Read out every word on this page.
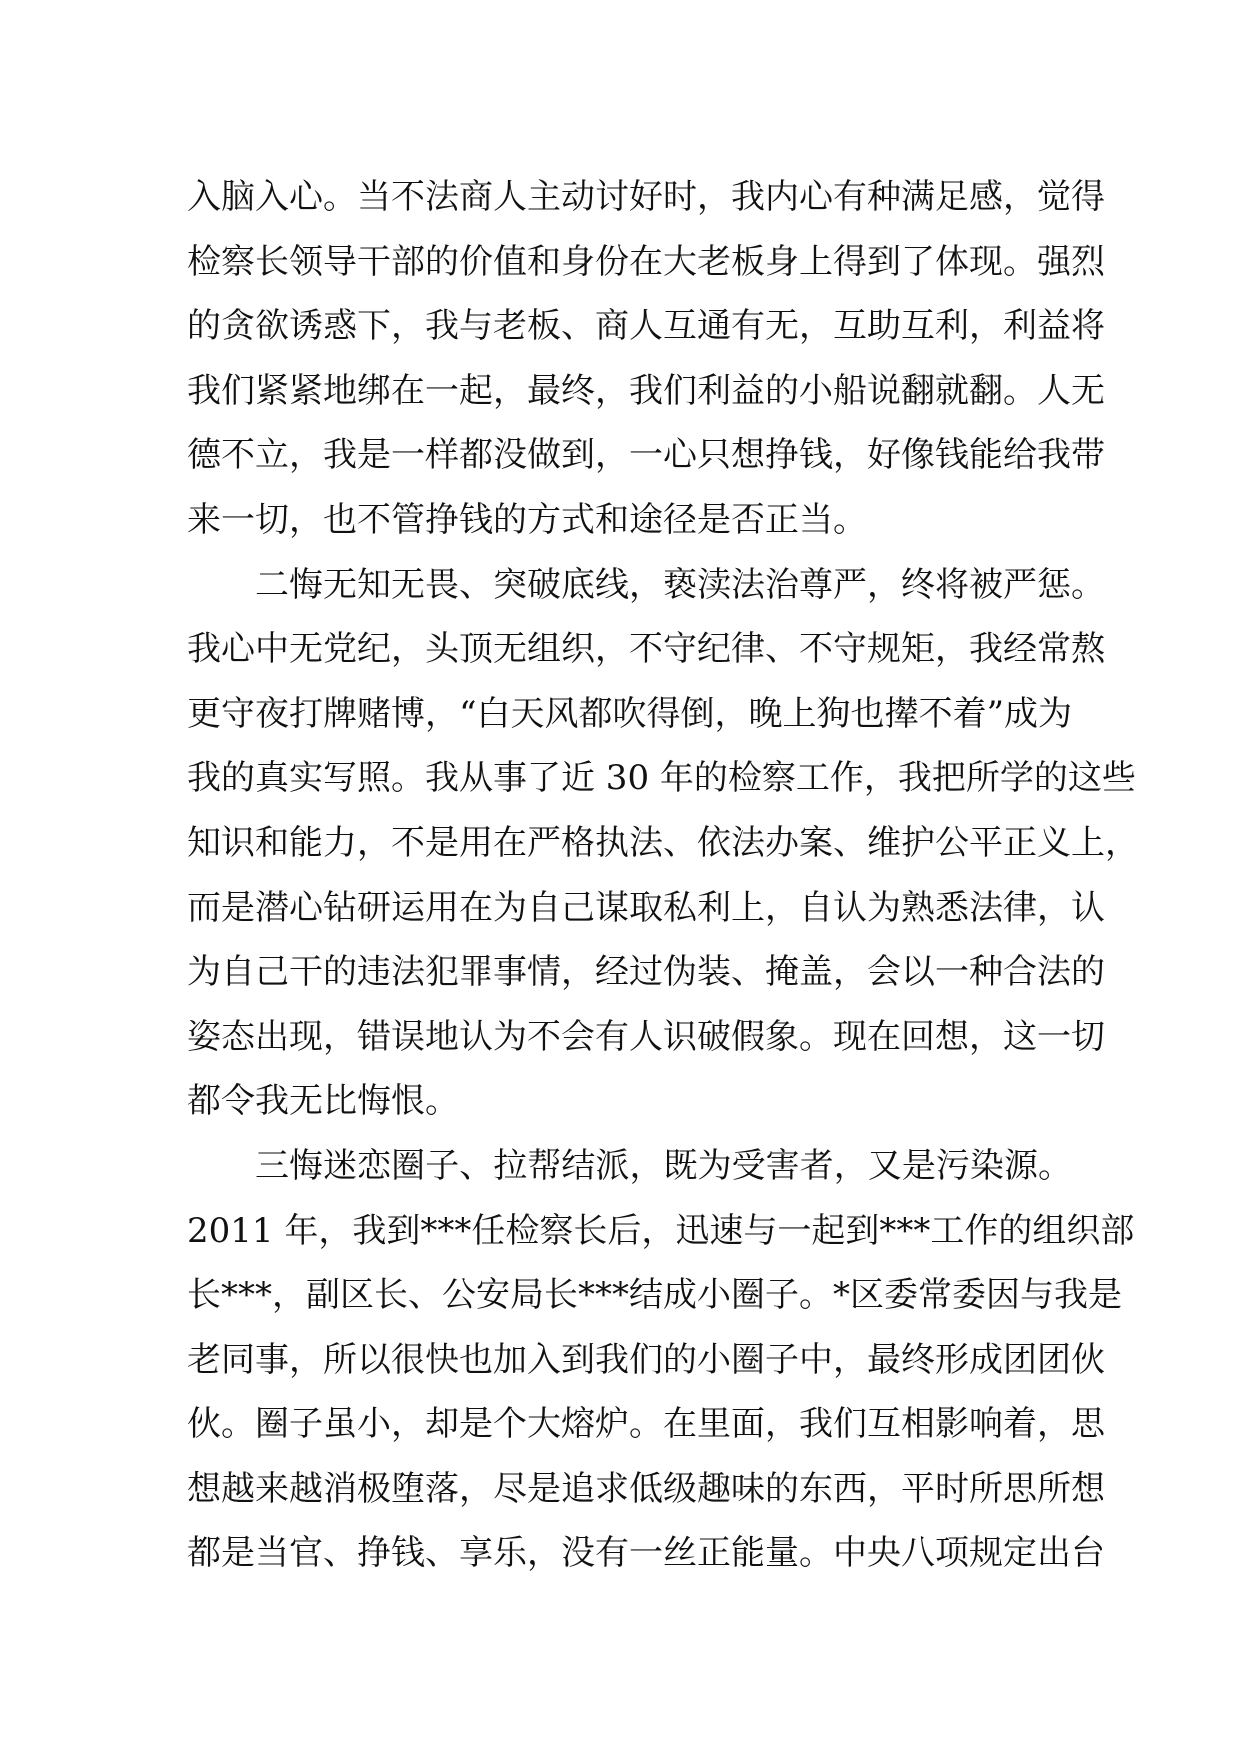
入脑入心。当不法商人主动讨好时，我内心有种满足感，觉得
检察长领导干部的价值和身份在大老板身上得到了体现。强烈
的贪欲诱惑下，我与老板、商人互通有无，互助互利，利益将
我们紧紧地绑在一起，最终，我们利益的小船说翻就翻。人无
德不立，我是一样都没做到，一心只想挣钱，好像钱能给我带
来一切，也不管挣钱的方式和途径是否正当。
二悔无知无畏、突破底线，亵渎法治尊严，终将被严惩。
我心中无党纪，头顶无组织，不守纪律、不守规矩，我经常熬
更守夜打牌赌博，“白天风都吹得倒，晚上狗也撵不着”成为
我的真实写照。我从事了近 30 年的检察工作，我把所学的这些
知识和能力，不是用在严格执法、依法办案、维护公平正义上，
而是潜心钻研运用在为自己谋取私利上，自认为熟悉法律，认
为自己干的违法犯罪事情，经过伪装、掩盖，会以一种合法的
姿态出现，错误地认为不会有人识破假象。现在回想，这一切
都令我无比悔恨。
三悔迷恋圈子、拉帮结派，既为受害者，又是污染源。
2011 年，我到***任检察长后，迅速与一起到***工作的组织部
长***，副区长、公安局长***结成小圈子。*区委常委因与我是
老同事，所以很快也加入到我们的小圈子中，最终形成团团伙
伙。圈子虽小，却是个大熔炉。在里面，我们互相影响着，思
想越来越消极堕落，尽是追求低级趣味的东西，平时所思所想
都是当官、挣钱、享乐，没有一丝正能量。中央八项规定出台
